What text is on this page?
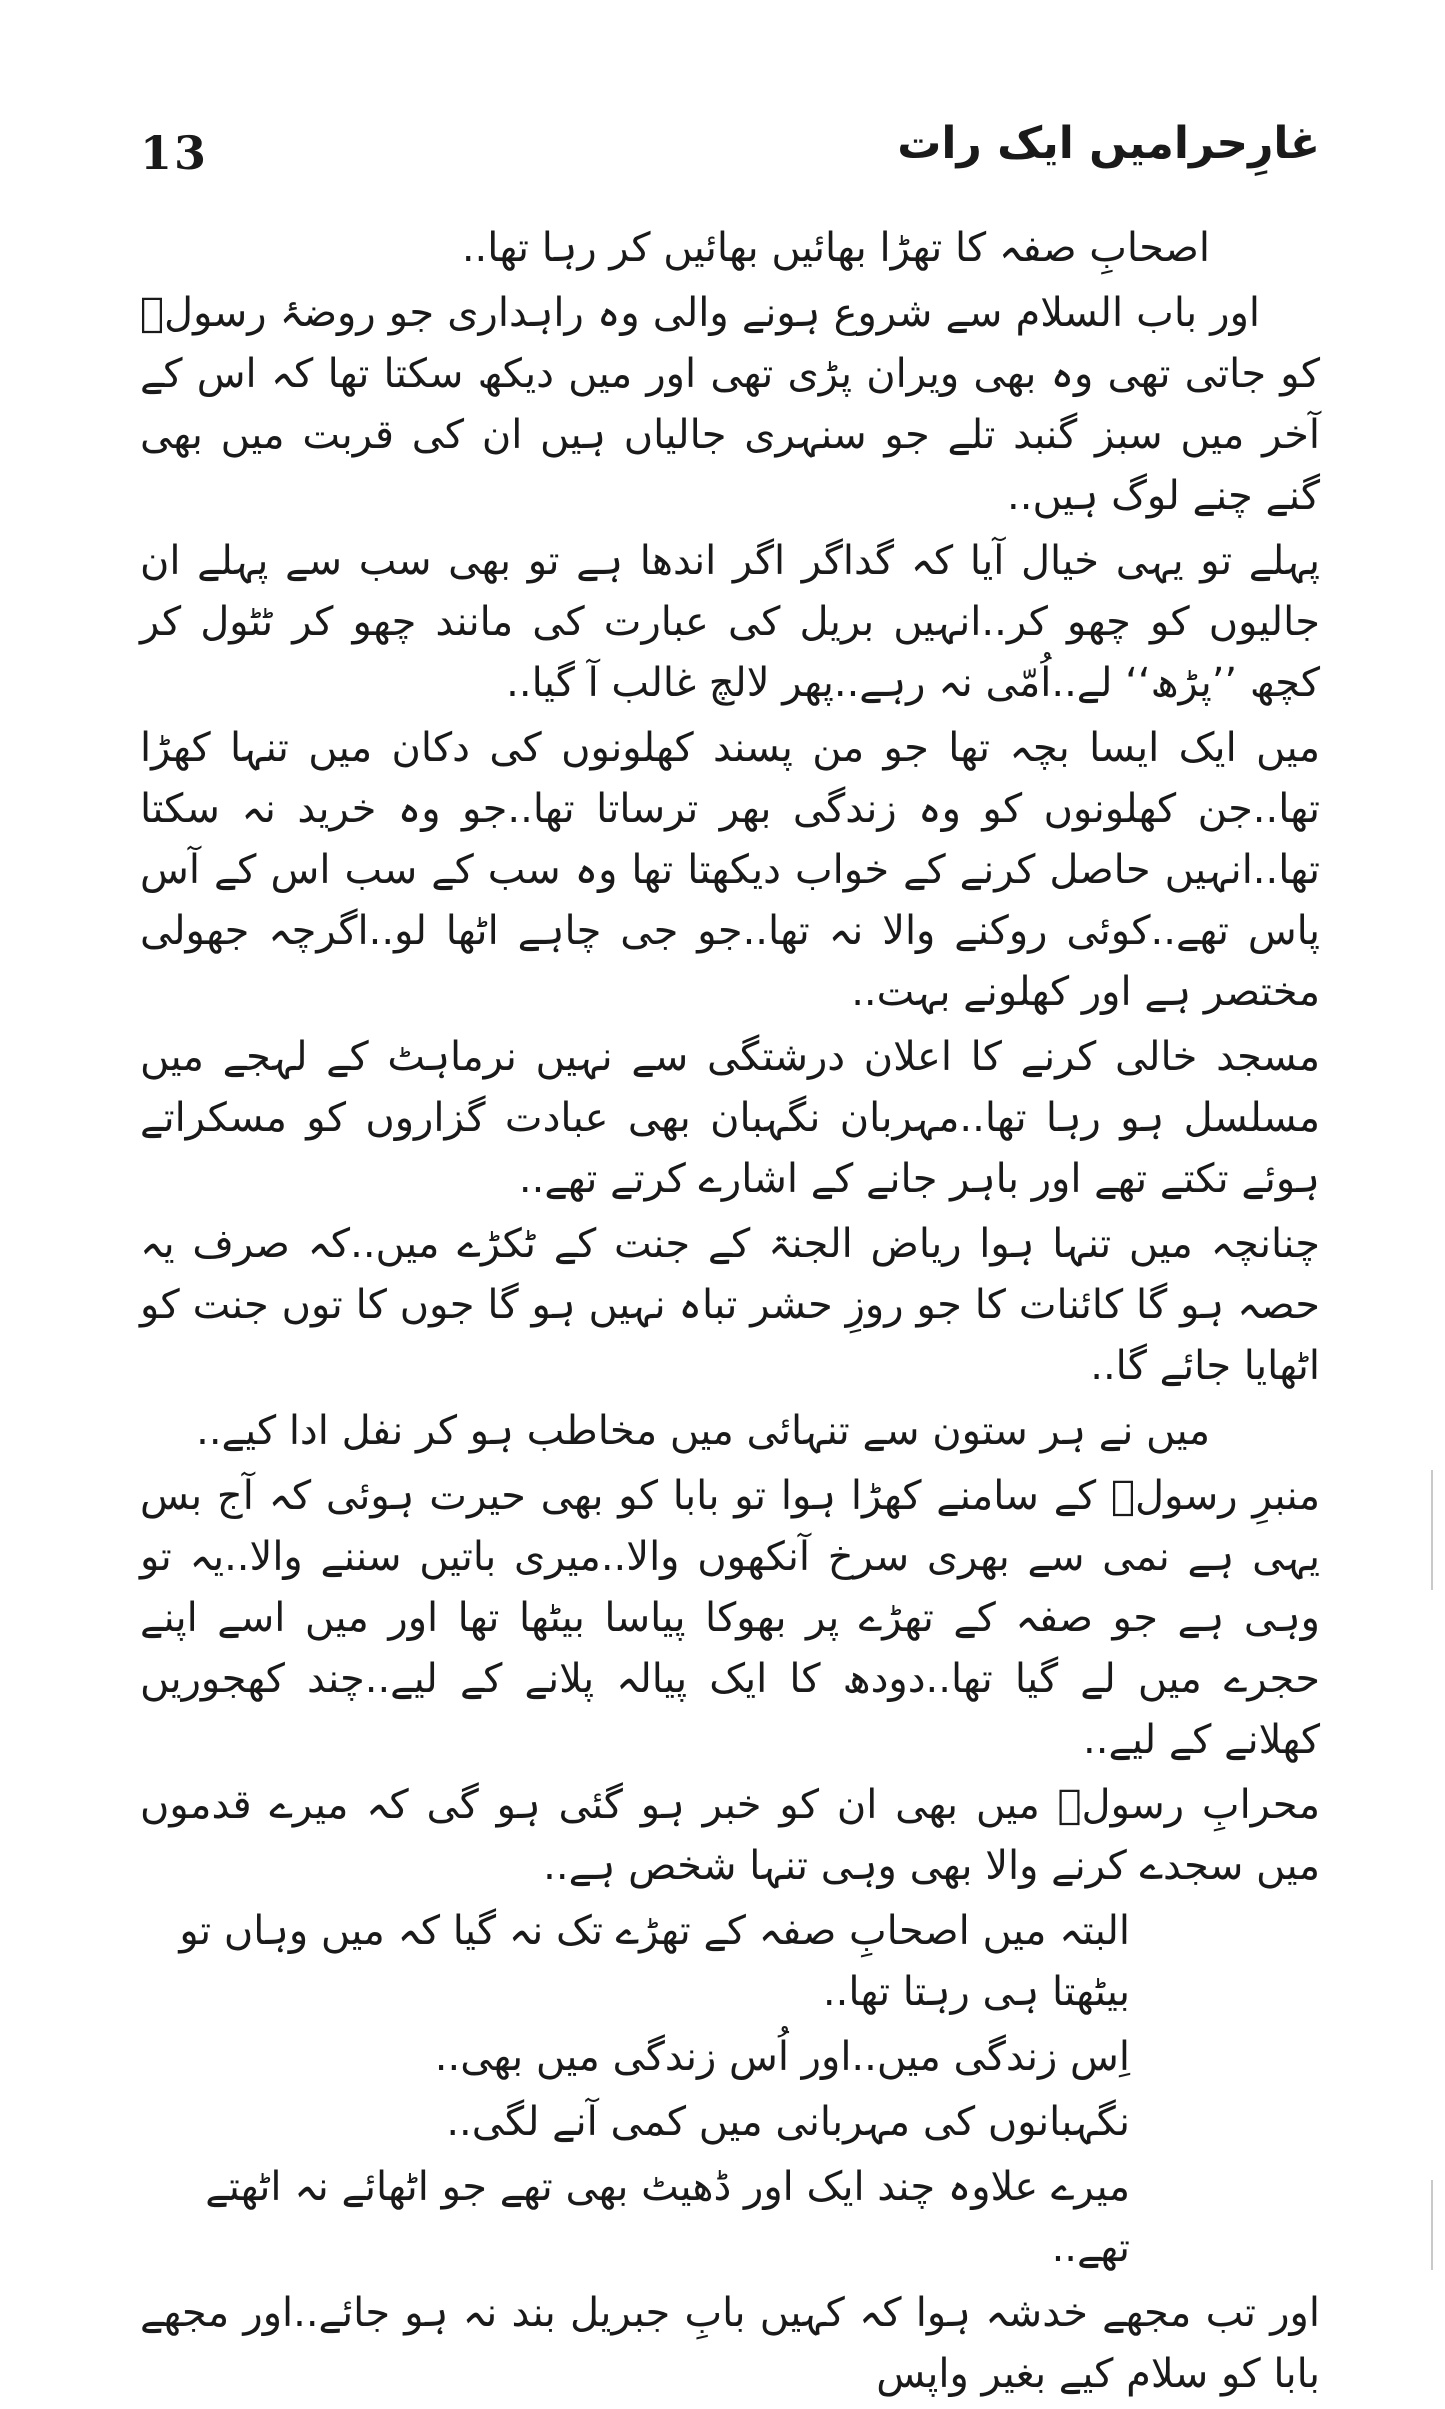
13	غارِحرامیں ایک رات

اصحابِ صفہ کا تھڑا بھائیں بھائیں کر رہا تھا..

اور باب السلام سے شروع ہونے والی وہ راہداری جو روضۂ رسولؐ کو جاتی تھی وہ بھی ویران پڑی تھی اور میں دیکھ سکتا تھا کہ اس کے آخر میں سبز گنبد تلے جو سنہری جالیاں ہیں ان کی قربت میں بھی گنے چنے لوگ ہیں..

پہلے تو یہی خیال آیا کہ گداگر اگر اندھا ہے تو بھی سب سے پہلے ان جالیوں کو چھو کر..انہیں بریل کی عبارت کی مانند چھو کر ٹٹول کر کچھ ’’پڑھ‘‘ لے..اُمّی نہ رہے..پھر لالچ غالب آ گیا..

میں ایک ایسا بچہ تھا جو من پسند کھلونوں کی دکان میں تنہا کھڑا تھا..جن کھلونوں کو وہ زندگی بھر ترساتا تھا..جو وہ خرید نہ سکتا تھا..انہیں حاصل کرنے کے خواب دیکھتا تھا وہ سب کے سب اس کے آس پاس تھے..کوئی روکنے والا نہ تھا..جو جی چاہے اٹھا لو..اگرچہ جھولی مختصر ہے اور کھلونے بہت..

مسجد خالی کرنے کا اعلان درشتگی سے نہیں نرماہٹ کے لہجے میں مسلسل ہو رہا تھا..مہربان نگہبان بھی عبادت گزاروں کو مسکراتے ہوئے تکتے تھے اور باہر جانے کے اشارے کرتے تھے..

چنانچہ میں تنہا ہوا ریاض الجنۃ کے جنت کے ٹکڑے میں..کہ صرف یہ حصہ ہو گا کائنات کا جو روزِ حشر تباہ نہیں ہو گا جوں کا توں جنت کو اٹھایا جائے گا..

میں نے ہر ستون سے تنہائی میں مخاطب ہو کر نفل ادا کیے..

منبرِ رسولؐ کے سامنے کھڑا ہوا تو بابا کو بھی حیرت ہوئی کہ آج بس یہی ہے نمی سے بھری سرخ آنکھوں والا..میری باتیں سننے والا..یہ تو وہی ہے جو صفہ کے تھڑے پر بھوکا پیاسا بیٹھا تھا اور میں اسے اپنے حجرے میں لے گیا تھا..دودھ کا ایک پیالہ پلانے کے لیے..چند کھجوریں کھلانے کے لیے..

محرابِ رسولؐ میں بھی ان کو خبر ہو گئی ہو گی کہ میرے قدموں میں سجدے کرنے والا بھی وہی تنہا شخص ہے..

البتہ میں اصحابِ صفہ کے تھڑے تک نہ گیا کہ میں وہاں تو بیٹھتا ہی رہتا تھا..

اِس زندگی میں..اور اُس زندگی میں بھی..

نگہبانوں کی مہربانی میں کمی آنے لگی..

میرے علاوہ چند ایک اور ڈھیٹ بھی تھے جو اٹھائے نہ اٹھتے تھے..

اور تب مجھے خدشہ ہوا کہ کہیں بابِ جبریل بند نہ ہو جائے..اور مجھے بابا کو سلام کیے بغیر واپس
